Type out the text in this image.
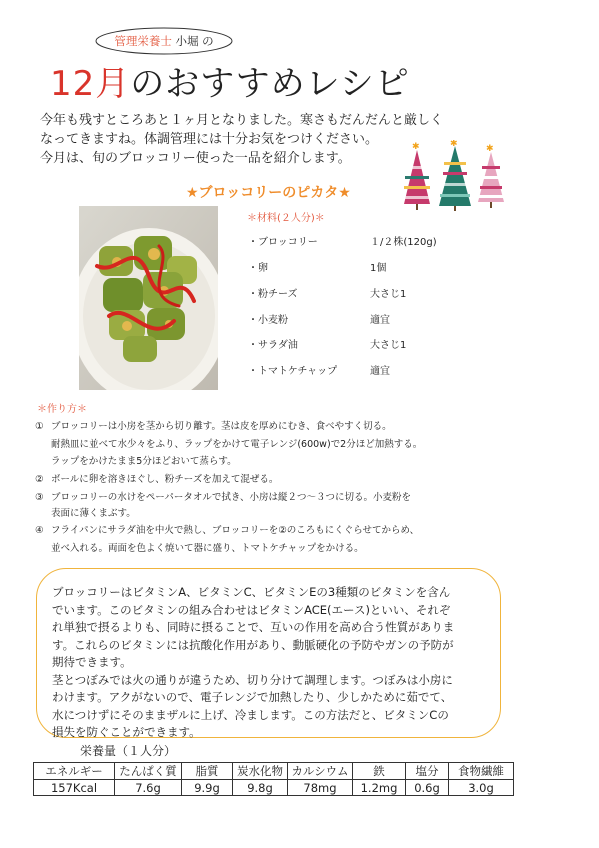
管理栄養士 小堀 の
12月のおすすめレシピ
今年も残すところあと１ヶ月となりました。寒さもだんだんと厳しく
なってきますね。体調管理には十分お気をつけください。
今月は、旬のブロッコリー使った一品を紹介します。
✱	✱	✱
★ブロッコリーのピカタ★
＊材料(２人分)＊
・ブロッコリー	１/２株(120g)
・卵	1個
・粉チーズ	大さじ1
・小麦粉	適宜
・サラダ油	大さじ1
・トマトケチャップ	適宜
＊作り方＊
① ブロッコリーは小房を茎から切り離す。茎は皮を厚めにむき、食べやすく切る。
耐熱皿に並べて水少々をふり、ラップをかけて電子レンジ(600w)で2分ほど加熱する。
ラップをかけたまま5分ほどおいて蒸らす。
② ボールに卵を溶きほぐし、粉チーズを加えて混ぜる。
③ ブロッコリーの水けをペーパータオルで拭き、小房は縦２つ～３つに切る。小麦粉を
表面に薄くまぶす。
④ フライパンにサラダ油を中火で熱し、ブロッコリーを②のころもにくぐらせてからめ、
並べ入れる。両面を色よく焼いて器に盛り、トマトケチャップをかける。
ブロッコリーはビタミンA、ビタミンC、ビタミンEの3種類のビタミンを含ん
でいます。このビタミンの組み合わせはビタミンACE(エース)といい、それぞ
れ単独で摂るよりも、同時に摂ることで、互いの作用を高め合う性質がありま
す。これらのビタミンには抗酸化作用があり、動脈硬化の予防やガンの予防が
期待できます。
茎とつぼみでは火の通りが違うため、切り分けて調理します。つぼみは小房に
わけます。アクがないので、電子レンジで加熱したり、少しかために茹でて、
水につけずにそのままザルに上げ、冷まします。この方法だと、ビタミンCの
損失を防ぐことができます。
栄養量（１人分）
エネルギー	たんぱく質	脂質	炭水化物	カルシウム	鉄	塩分	食物繊維
157Kcal	7.6g	9.9g	9.8g	78mg	1.2mg	0.6g	3.0g
